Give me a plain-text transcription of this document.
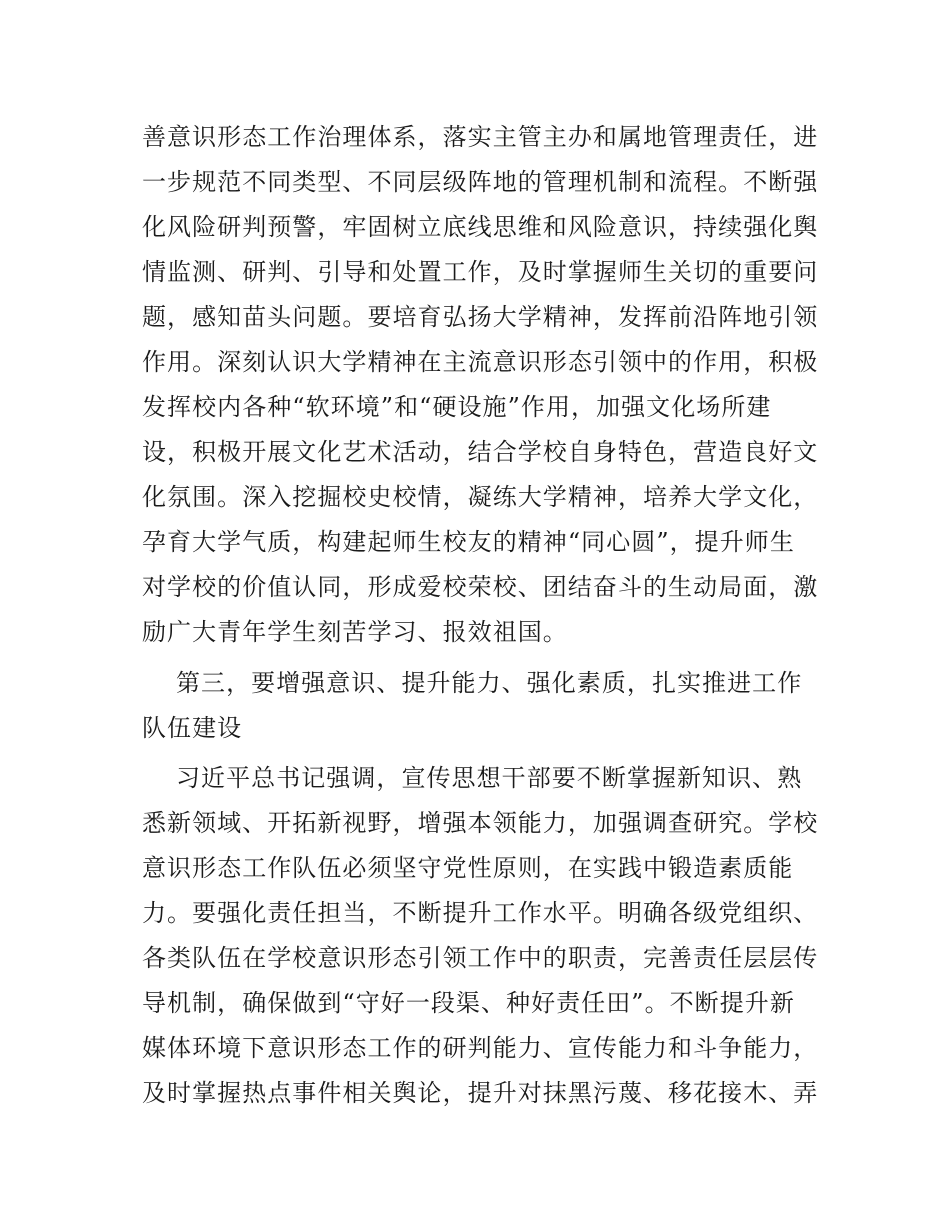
善意识形态工作治理体系，落实主管主办和属地管理责任，进
一步规范不同类型、不同层级阵地的管理机制和流程。不断强
化风险研判预警，牢固树立底线思维和风险意识，持续强化舆
情监测、研判、引导和处置工作，及时掌握师生关切的重要问
题，感知苗头问题。要培育弘扬大学精神，发挥前沿阵地引领
作用。深刻认识大学精神在主流意识形态引领中的作用，积极
发挥校内各种“软环境”和“硬设施”作用，加强文化场所建
设，积极开展文化艺术活动，结合学校自身特色，营造良好文
化氛围。深入挖掘校史校情，凝练大学精神，培养大学文化，
孕育大学气质，构建起师生校友的精神“同心圆”，提升师生
对学校的价值认同，形成爱校荣校、团结奋斗的生动局面，激
励广大青年学生刻苦学习、报效祖国。
第三，要增强意识、提升能力、强化素质，扎实推进工作
队伍建设
习近平总书记强调，宣传思想干部要不断掌握新知识、熟
悉新领域、开拓新视野，增强本领能力，加强调查研究。学校
意识形态工作队伍必须坚守党性原则，在实践中锻造素质能
力。要强化责任担当，不断提升工作水平。明确各级党组织、
各类队伍在学校意识形态引领工作中的职责，完善责任层层传
导机制，确保做到“守好一段渠、种好责任田”。不断提升新
媒体环境下意识形态工作的研判能力、宣传能力和斗争能力，
及时掌握热点事件相关舆论，提升对抹黑污蔑、移花接木、弄
